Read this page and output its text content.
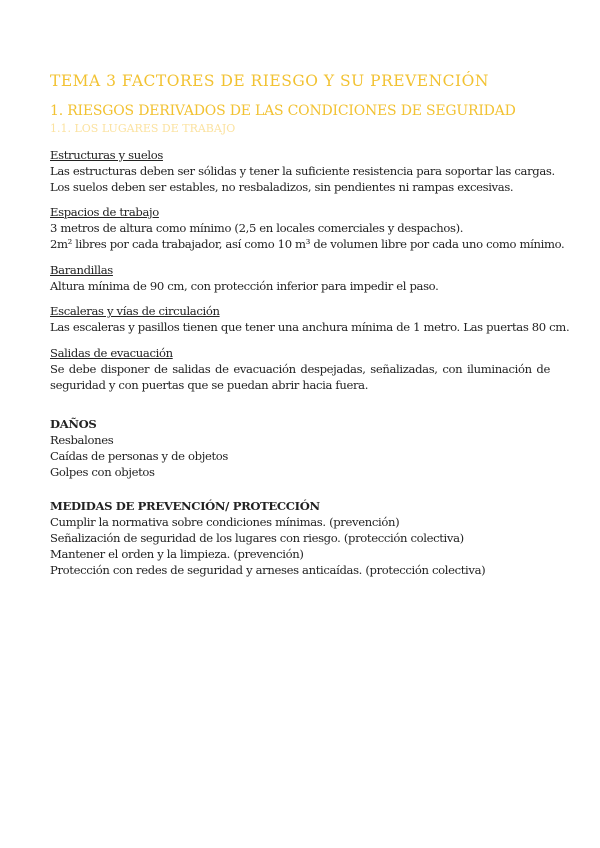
TEMA 3 FACTORES DE RIESGO Y SU PREVENCIÓN
1. RIESGOS DERIVADOS DE LAS CONDICIONES DE SEGURIDAD
1.1. LOS LUGARES DE TRABAJO
Estructuras y suelos
Las estructuras deben ser sólidas y tener la suficiente resistencia para soportar las cargas.
Los suelos deben ser estables, no resbaladizos, sin pendientes ni rampas excesivas.
Espacios de trabajo
3 metros de altura como mínimo (2,5 en locales comerciales y despachos).
2m² libres por cada trabajador, así como 10 m³ de volumen libre por cada uno como mínimo.
Barandillas
Altura mínima de 90 cm, con protección inferior para impedir el paso.
Escaleras y vías de circulación
Las escaleras y pasillos tienen que tener una anchura mínima de 1 metro. Las puertas 80 cm.
Salidas de evacuación
Se debe disponer de salidas de evacuación despejadas, señalizadas, con iluminación de seguridad y con puertas que se puedan abrir hacia fuera.
DAÑOS
Resbalones
Caídas de personas y de objetos
Golpes con objetos
MEDIDAS DE PREVENCIÓN/ PROTECCIÓN
Cumplir la normativa sobre condiciones mínimas. (prevención)
Señalización de seguridad de los lugares con riesgo. (protección colectiva)
Mantener el orden y la limpieza. (prevención)
Protección con redes de seguridad y arneses anticaídas. (protección colectiva)
